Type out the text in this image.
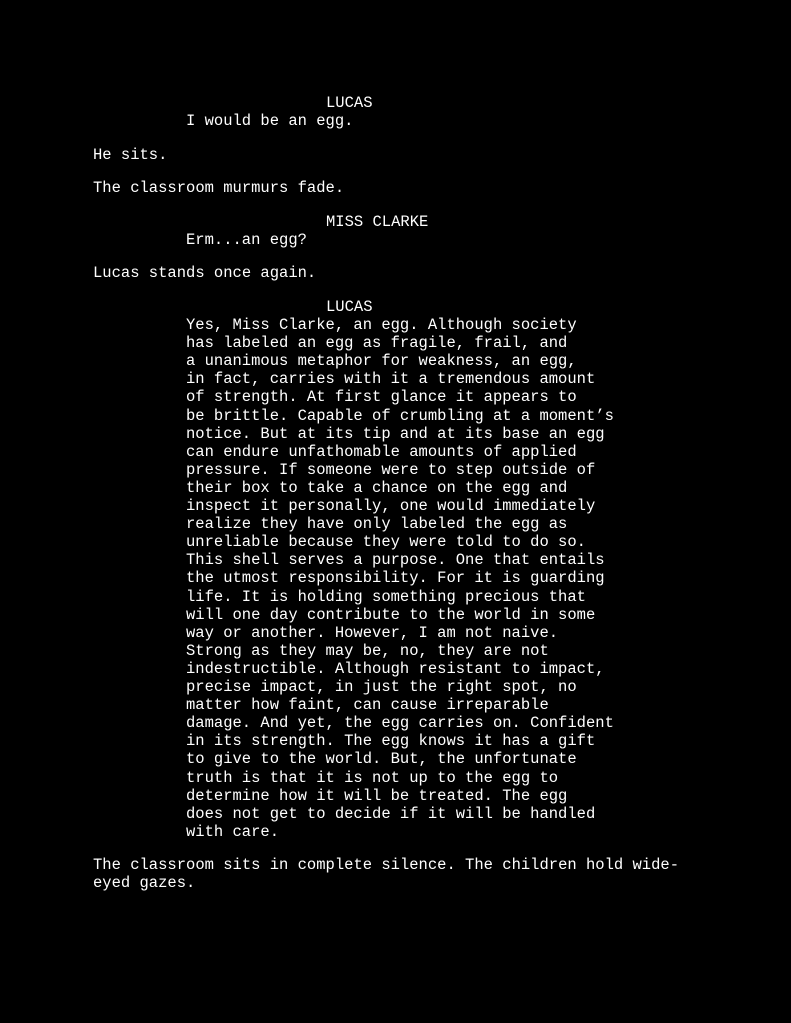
LUCAS
I would be an egg.
He sits.
The classroom murmurs fade.
MISS CLARKE
Erm...an egg?
Lucas stands once again.
LUCAS
Yes, Miss Clarke, an egg. Although society
has labeled an egg as fragile, frail, and
a unanimous metaphor for weakness, an egg,
in fact, carries with it a tremendous amount
of strength. At first glance it appears to
be brittle. Capable of crumbling at a moment’s
notice. But at its tip and at its base an egg
can endure unfathomable amounts of applied
pressure. If someone were to step outside of
their box to take a chance on the egg and
inspect it personally, one would immediately
realize they have only labeled the egg as
unreliable because they were told to do so.
This shell serves a purpose. One that entails
the utmost responsibility. For it is guarding
life. It is holding something precious that
will one day contribute to the world in some
way or another. However, I am not naive.
Strong as they may be, no, they are not
indestructible. Although resistant to impact,
precise impact, in just the right spot, no
matter how faint, can cause irreparable
damage. And yet, the egg carries on. Confident
in its strength. The egg knows it has a gift
to give to the world. But, the unfortunate
truth is that it is not up to the egg to
determine how it will be treated. The egg
does not get to decide if it will be handled
with care.
The classroom sits in complete silence. The children hold wide-
eyed gazes.
